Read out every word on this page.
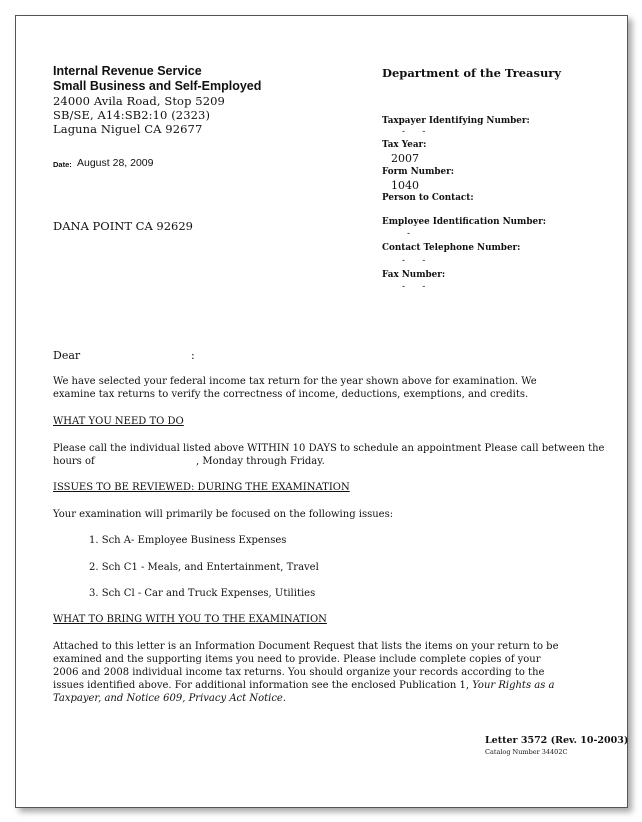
Internal Revenue Service
Small Business and Self-Employed
24000 Avila Road, Stop 5209
SB/SE, A14:SB2:10 (2323)
Laguna Niguel CA 92677
Date: August 28, 2009
DANA POINT CA 92629
Department of the Treasury
Taxpayer Identifying Number:
-      -
Tax Year:
2007
Form Number:
1040
Person to Contact:
Employee Identification Number:
-
Contact Telephone Number:
-      -
Fax Number:
-      -
Dear	:
We have selected your federal income tax return for the year shown above for examination. We examine tax returns to verify the correctness of income, deductions, exemptions, and credits.
WHAT YOU NEED TO DO
Please call the individual listed above WITHIN 10 DAYS to schedule an appointment Please call between the
hours of	, Monday through Friday.
ISSUES TO BE REVIEWED: DURING THE EXAMINATION
Your examination will primarily be focused on the following issues:
1. Sch A- Employee Business Expenses
2. Sch C1 - Meals, and Entertainment, Travel
3. Sch Cl - Car and Truck Expenses, Utilities
WHAT TO BRING WITH YOU TO THE EXAMINATION
Attached to this letter is an Information Document Request that lists the items on your return to be examined and the supporting items you need to provide. Please include complete copies of your 2006 and 2008 individual income tax returns. You should organize your records according to the issues identified above. For additional information see the enclosed Publication 1, Your Rights as a Taxpayer, and Notice 609, Privacy Act Notice.
Letter 3572 (Rev. 10-2003)
Catalog Number 34402C
